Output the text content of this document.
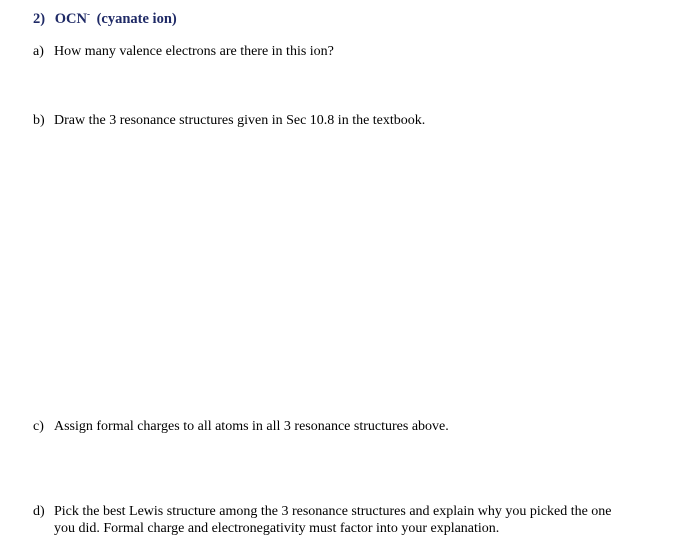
2) OCN- (cyanate ion)
a) How many valence electrons are there in this ion?
b) Draw the 3 resonance structures given in Sec 10.8 in the textbook.
c) Assign formal charges to all atoms in all 3 resonance structures above.
d) Pick the best Lewis structure among the 3 resonance structures and explain why you picked the one
you did. Formal charge and electronegativity must factor into your explanation.
